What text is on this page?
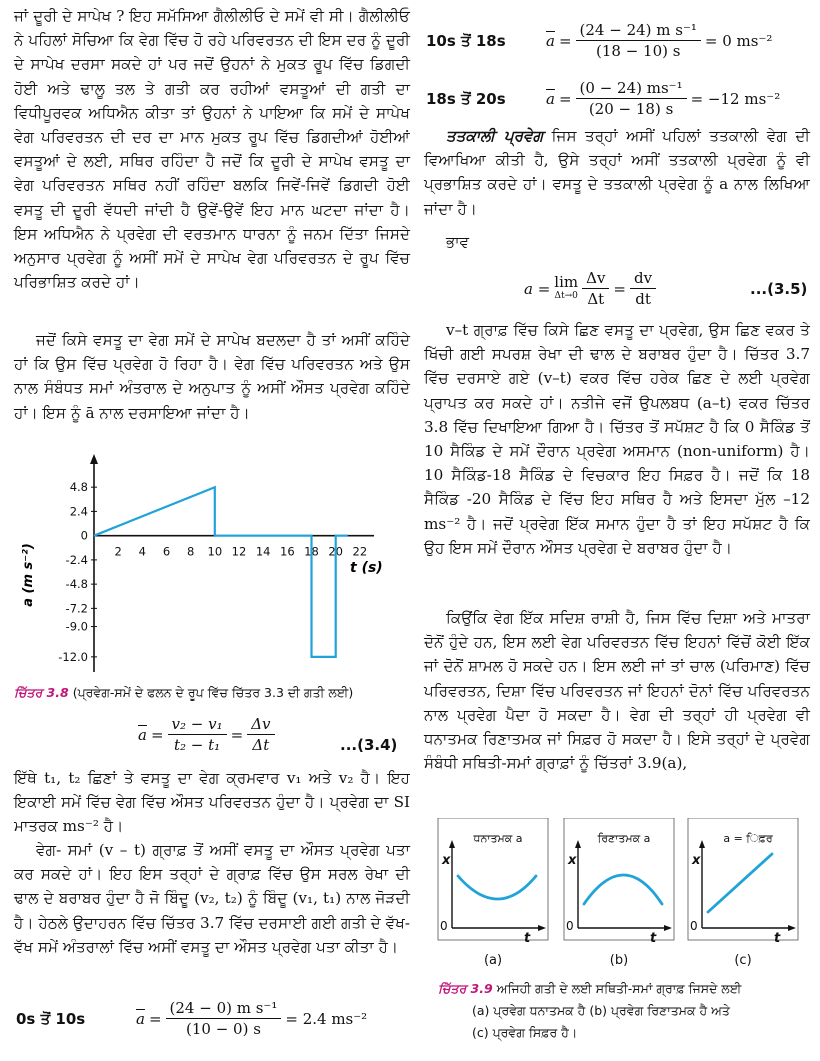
ਜਾਂ ਦੂਰੀ ਦੇ ਸਾਪੇਖ ? ਇਹ ਸਮੱਸਿਆ ਗੈਲੀਲੀਓ ਦੇ ਸਮੇਂ ਵੀ ਸੀ। ਗੈਲੀਲੀਓ ਨੇ ਪਹਿਲਾਂ ਸੋਚਿਆ ਕਿ ਵੇਗ ਵਿੱਚ ਹੋ ਰਹੇ ਪਰਿਵਰਤਨ ਦੀ ਇਸ ਦਰ ਨੂੰ ਦੂਰੀ ਦੇ ਸਾਪੇਖ ਦਰਸਾ ਸਕਦੇ ਹਾਂ ਪਰ ਜਦੋਂ ਉਹਨਾਂ ਨੇ ਮੁਕਤ ਰੂਪ ਵਿੱਚ ਡਿਗਦੀ ਹੋਈ ਅਤੇ ਢਾਲੂ ਤਲ ਤੇ ਗਤੀ ਕਰ ਰਹੀਆਂ ਵਸਤੂਆਂ ਦੀ ਗਤੀ ਦਾ ਵਿਧੀਪੂਰਵਕ ਅਧਿਐਨ ਕੀਤਾ ਤਾਂ ਉਹਨਾਂ ਨੇ ਪਾਇਆ ਕਿ ਸਮੇਂ ਦੇ ਸਾਪੇਖ ਵੇਗ ਪਰਿਵਰਤਨ ਦੀ ਦਰ ਦਾ ਮਾਨ ਮੁਕਤ ਰੂਪ ਵਿੱਚ ਡਿਗਦੀਆਂ ਹੋਈਆਂ ਵਸਤੂਆਂ ਦੇ ਲਈ, ਸਥਿਰ ਰਹਿੰਦਾ ਹੈ ਜਦੋਂ ਕਿ ਦੂਰੀ ਦੇ ਸਾਪੇਖ ਵਸਤੂ ਦਾ ਵੇਗ ਪਰਿਵਰਤਨ ਸਥਿਰ ਨਹੀਂ ਰਹਿੰਦਾ ਬਲਕਿ ਜਿਵੇਂ-ਜਿਵੇਂ ਡਿਗਦੀ ਹੋਈ ਵਸਤੂ ਦੀ ਦੂਰੀ ਵੱਧਦੀ ਜਾਂਦੀ ਹੈ ਉਵੇਂ-ਉਵੇਂ ਇਹ ਮਾਨ ਘਟਦਾ ਜਾਂਦਾ ਹੈ। ਇਸ ਅਧਿਐਨ ਨੇ ਪ੍ਰਵੇਗ ਦੀ ਵਰਤਮਾਨ ਧਾਰਨਾ ਨੂੰ ਜਨਮ ਦਿੱਤਾ ਜਿਸਦੇ ਅਨੁਸਾਰ ਪ੍ਰਵੇਗ ਨੂੰ ਅਸੀਂ ਸਮੇਂ ਦੇ ਸਾਪੇਖ ਵੇਗ ਪਰਿਵਰਤਨ ਦੇ ਰੂਪ ਵਿੱਚ ਪਰਿਭਾਸ਼ਿਤ ਕਰਦੇ ਹਾਂ।

ਜਦੋਂ ਕਿਸੇ ਵਸਤੂ ਦਾ ਵੇਗ ਸਮੇਂ ਦੇ ਸਾਪੇਖ ਬਦਲਦਾ ਹੈ ਤਾਂ ਅਸੀਂ ਕਹਿੰਦੇ ਹਾਂ ਕਿ ਉਸ ਵਿੱਚ ਪ੍ਰਵੇਗ ਹੋ ਰਿਹਾ ਹੈ। ਵੇਗ ਵਿੱਚ ਪਰਿਵਰਤਨ ਅਤੇ ਉਸ ਨਾਲ ਸੰਬੰਧਤ ਸਮਾਂ ਅੰਤਰਾਲ ਦੇ ਅਨੁਪਾਤ ਨੂੰ ਅਸੀਂ ਔਸਤ ਪ੍ਰਵੇਗ ਕਹਿੰਦੇ ਹਾਂ। ਇਸ ਨੂੰ ā ਨਾਲ ਦਰਸਾਇਆ ਜਾਂਦਾ ਹੈ।

2 4 6 8 10 12 14 16 18 20 22
4.8
2.4
0
-2.4
-4.8
-7.2
-9.0
-12.0
a (m s⁻²)	t (s)
ਚਿੱਤਰ 3.8 (ਪ੍ਰਵੇਗ-ਸਮੇਂ ਦੇ ਫਲਨ ਦੇ ਰੂਪ ਵਿੱਚ ਚਿੱਤਰ 3.3 ਦੀ ਗਤੀ ਲਈ)
$\overline{a} = \frac{\text{v₂ − v₁}}{\text{t₂ − t₁}} = \frac{\Delta v}{\Delta t}$	...(3.4)

ਇੱਥੇ t₁, t₂ ਛਿਣਾਂ ਤੇ ਵਸਤੂ ਦਾ ਵੇਗ ਕ੍ਰਮਵਾਰ v₁ ਅਤੇ v₂ ਹੈ। ਇਹ ਇਕਾਈ ਸਮੇਂ ਵਿੱਚ ਵੇਗ ਵਿੱਚ ਔਸਤ ਪਰਿਵਰਤਨ ਹੁੰਦਾ ਹੈ। ਪ੍ਰਵੇਗ ਦਾ SI ਮਾਤਰਕ ms⁻² ਹੈ।

ਵੇਗ- ਸਮਾਂ (v – t) ਗ੍ਰਾਫ਼ ਤੋਂ ਅਸੀਂ ਵਸਤੂ ਦਾ ਔਸਤ ਪ੍ਰਵੇਗ ਪਤਾ ਕਰ ਸਕਦੇ ਹਾਂ। ਇਹ ਇਸ ਤਰ੍ਹਾਂ ਦੇ ਗ੍ਰਾਫ਼ ਵਿੱਚ ਉਸ ਸਰਲ ਰੇਖਾ ਦੀ ਢਾਲ ਦੇ ਬਰਾਬਰ ਹੁੰਦਾ ਹੈ ਜੋ ਬਿੰਦੂ (v₂, t₂) ਨੂੰ ਬਿੰਦੂ (v₁, t₁) ਨਾਲ ਜੋੜਦੀ ਹੈ। ਹੇਠਲੇ ਉਦਾਹਰਨ ਵਿੱਚ ਚਿੱਤਰ 3.7 ਵਿੱਚ ਦਰਸਾਈ ਗਈ ਗਤੀ ਦੇ ਵੱਖ-ਵੱਖ ਸਮੇਂ ਅੰਤਰਾਲਾਂ ਵਿੱਚ ਅਸੀਂ ਵਸਤੂ ਦਾ ਔਸਤ ਪ੍ਰਵੇਗ ਪਤਾ ਕੀਤਾ ਹੈ।

0s ਤੋਂ 10s	$\overline{a} = \frac{\text{(24 − 0) m s⁻¹}}{(10 - 0) s} = 2.4$ ms⁻²
10s ਤੋਂ 18s	$\overline{a} = \frac{\text{(24 − 24) m s⁻¹}}{(18 - 10) s} = 0$ ms⁻²
18s ਤੋਂ 20s	$\overline{a} = \frac{\text{(0 − 24) ms⁻¹}}{(20 - 18) s} = -12$ ms⁻²

ਤਤਕਾਲੀ ਪ੍ਰਵੇਗ ਜਿਸ ਤਰ੍ਹਾਂ ਅਸੀਂ ਪਹਿਲਾਂ ਤਤਕਾਲੀ ਵੇਗ ਦੀ ਵਿਆਖਿਆ ਕੀਤੀ ਹੈ, ਉਸੇ ਤਰ੍ਹਾਂ ਅਸੀਂ ਤਤਕਾਲੀ ਪ੍ਰਵੇਗ ਨੂੰ ਵੀ ਪ੍ਰਭਾਸ਼ਿਤ ਕਰਦੇ ਹਾਂ। ਵਸਤੂ ਦੇ ਤਤਕਾਲੀ ਪ੍ਰਵੇਗ ਨੂੰ a ਨਾਲ ਲਿਖਿਆ ਜਾਂਦਾ ਹੈ।

ਭਾਵ

a = lim
$\Delta t\to 0 \frac{\Delta v}{\Delta t} = \frac{dv}{dt}$	...(3.5)

v–t ਗ੍ਰਾਫ਼ ਵਿੱਚ ਕਿਸੇ ਛਿਣ ਵਸਤੂ ਦਾ ਪ੍ਰਵੇਗ, ਉਸ ਛਿਣ ਵਕਰ ਤੇ ਖਿੱਚੀ ਗਈ ਸਪਰਸ਼ ਰੇਖਾ ਦੀ ਢਾਲ ਦੇ ਬਰਾਬਰ ਹੁੰਦਾ ਹੈ। ਚਿੱਤਰ 3.7 ਵਿੱਚ ਦਰਸਾਏ ਗਏ (v–t) ਵਕਰ ਵਿੱਚ ਹਰੇਕ ਛਿਣ ਦੇ ਲਈ ਪ੍ਰਵੇਗ ਪ੍ਰਾਪਤ ਕਰ ਸਕਦੇ ਹਾਂ। ਨਤੀਜੇ ਵਜੋਂ ਉਪਲਬਧ (a–t) ਵਕਰ ਚਿੱਤਰ 3.8 ਵਿੱਚ ਦਿਖਾਇਆ ਗਿਆ ਹੈ। ਚਿੱਤਰ ਤੋਂ ਸਪੱਸ਼ਟ ਹੈ ਕਿ 0 ਸੈਕਿੰਡ ਤੋਂ 10 ਸੈਕਿੰਡ ਦੇ ਸਮੇਂ ਦੌਰਾਨ ਪ੍ਰਵੇਗ ਅਸਮਾਨ (non-uniform) ਹੈ।10 ਸੈਕਿੰਡ-18 ਸੈਕਿੰਡ ਦੇ ਵਿਚਕਾਰ ਇਹ ਸਿਫ਼ਰ ਹੈ। ਜਦੋਂ ਕਿ 18 ਸੈਕਿੰਡ -20 ਸੈਕਿੰਡ ਦੇ ਵਿੱਚ ਇਹ ਸਥਿਰ ਹੈ ਅਤੇ ਇਸਦਾ ਮੁੱਲ –12 ms⁻² ਹੈ। ਜਦੋਂ ਪ੍ਰਵੇਗ ਇੱਕ ਸਮਾਨ ਹੁੰਦਾ ਹੈ ਤਾਂ ਇਹ ਸਪੱਸ਼ਟ ਹੈ ਕਿ ਉਹ ਇਸ ਸਮੇਂ ਦੌਰਾਨ ਔਸਤ ਪ੍ਰਵੇਗ ਦੇ ਬਰਾਬਰ ਹੁੰਦਾ ਹੈ।

ਕਿਉਂਕਿ ਵੇਗ ਇੱਕ ਸਦਿਸ਼ ਰਾਸ਼ੀ ਹੈ, ਜਿਸ ਵਿੱਚ ਦਿਸ਼ਾ ਅਤੇ ਮਾਤਰਾ ਦੋਨੋਂ ਹੁੰਦੇ ਹਨ, ਇਸ ਲਈ ਵੇਗ ਪਰਿਵਰਤਨ ਵਿੱਚ ਇਹਨਾਂ ਵਿੱਚੋਂ ਕੋਈ ਇੱਕ ਜਾਂ ਦੋਨੋਂ ਸ਼ਾਮਲ ਹੋ ਸਕਦੇ ਹਨ। ਇਸ ਲਈ ਜਾਂ ਤਾਂ ਚਾਲ (ਪਰਿਮਾਣ) ਵਿੱਚ ਪਰਿਵਰਤਨ, ਦਿਸ਼ਾ ਵਿੱਚ ਪਰਿਵਰਤਨ ਜਾਂ ਇਹਨਾਂ ਦੋਨਾਂ ਵਿੱਚ ਪਰਿਵਰਤਨ ਨਾਲ ਪ੍ਰਵੇਗ ਪੈਦਾ ਹੋ ਸਕਦਾ ਹੈ। ਵੇਗ ਦੀ ਤਰ੍ਹਾਂ ਹੀ ਪ੍ਰਵੇਗ ਵੀ ਧਨਾਤਮਕ ਰਿਣਾਤਮਕ ਜਾਂ ਸਿਫ਼ਰ ਹੋ ਸਕਦਾ ਹੈ। ਇਸੇ ਤਰ੍ਹਾਂ ਦੇ ਪ੍ਰਵੇਗ ਸੰਬੰਧੀ ਸਥਿਤੀ-ਸਮਾਂ ਗ੍ਰਾਫ਼ਾਂ ਨੂੰ ਚਿੱਤਰਾਂ 3.9(a),

ਧਨਾਤਮਕ a
x
t
0
(a)
ਰਿਣਾਤਮਕ a
x
t
0
(b)
a = ਿਫ਼ਰ
x
t
0
(c)
ਚਿੱਤਰ 3.9 ਅਜਿਹੀ ਗਤੀ ਦੇ ਲਈ ਸਥਿਤੀ-ਸਮਾਂ ਗ੍ਰਾਫ਼ ਜਿਸਦੇ ਲਈ
(a) ਪ੍ਰਵੇਗ ਧਨਾਤਮਕ ਹੈ (b) ਪ੍ਰਵੇਗ ਰਿਣਾਤਮਕ ਹੈ ਅਤੇ
(c) ਪ੍ਰਵੇਗ ਸਿਫ਼ਰ ਹੈ।
